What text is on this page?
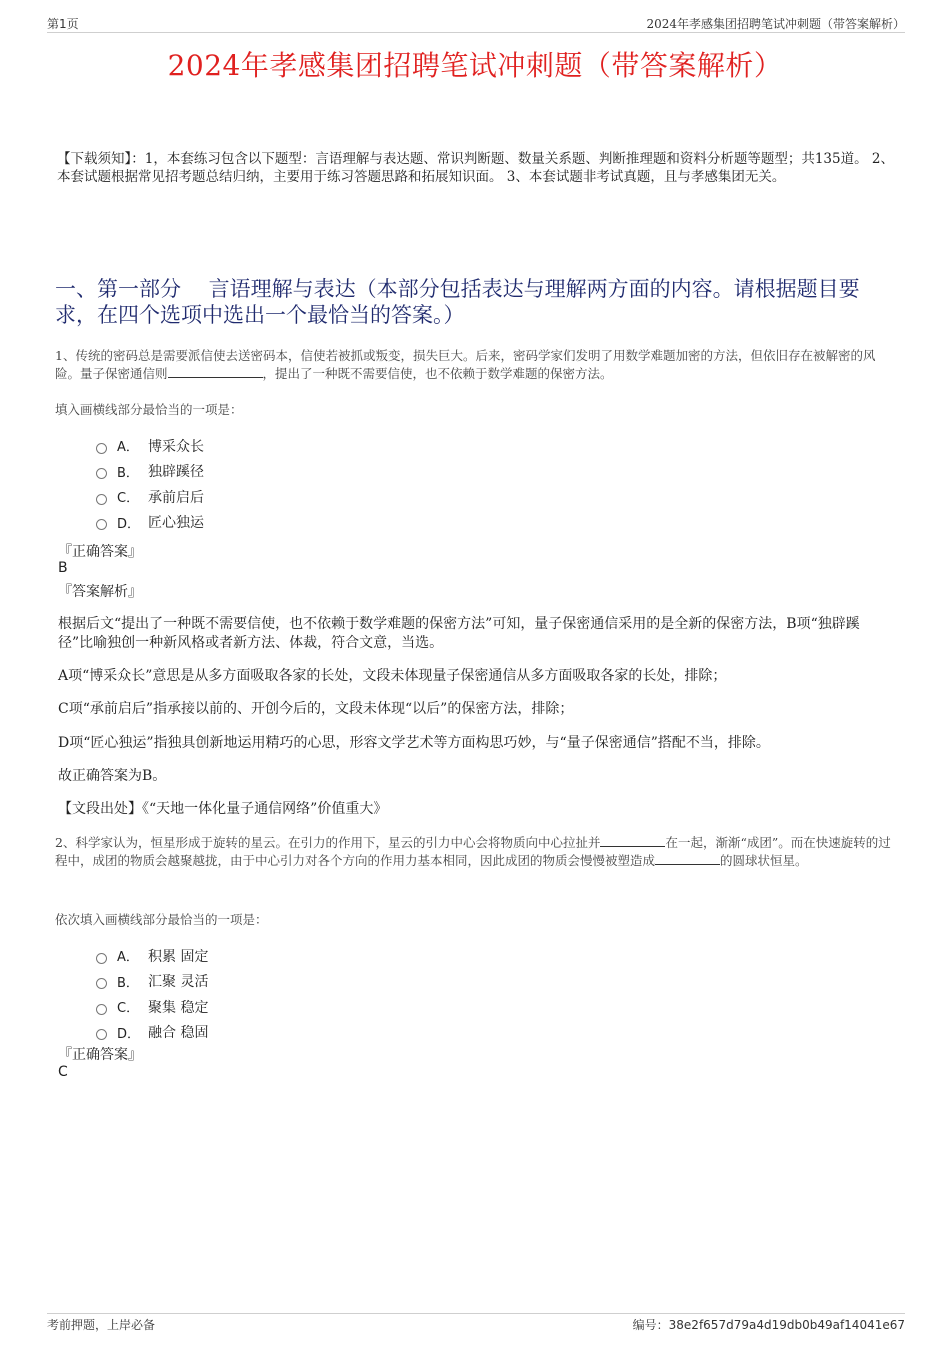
第1页	2024年孝感集团招聘笔试冲刺题（带答案解析）
2024年孝感集团招聘笔试冲刺题（带答案解析）
【下载须知】：1，本套练习包含以下题型：言语理解与表达题、常识判断题、数量关系题、判断推理题和资料分析题等题型；共135道。 2、本套试题根据常见招考题总结归纳，主要用于练习答题思路和拓展知识面。 3、本套试题非考试真题，且与孝感集团无关。
一、第一部分　 言语理解与表达（本部分包括表达与理解两方面的内容。请根据题目要求，在四个选项中选出一个最恰当的答案。）
1、传统的密码总是需要派信使去送密码本，信使若被抓或叛变，损失巨大。后来，密码学家们发明了用数学难题加密的方法，但依旧存在被解密的风险。量子保密通信则	，提出了一种既不需要信使，也不依赖于数学难题的保密方法。
填入画横线部分最恰当的一项是：
A． 博采众长
B． 独辟蹊径
C． 承前启后
D． 匠心独运
『正确答案』
B
『答案解析』
根据后文“提出了一种既不需要信使，也不依赖于数学难题的保密方法”可知，量子保密通信采用的是全新的保密方法，B项“独辟蹊径”比喻独创一种新风格或者新方法、体裁，符合文意，当选。
A项“博采众长”意思是从多方面吸取各家的长处，文段未体现量子保密通信从多方面吸取各家的长处，排除；
C项“承前启后”指承接以前的、开创今后的，文段未体现“以后”的保密方法，排除；
D项“匠心独运”指独具创新地运用精巧的心思，形容文学艺术等方面构思巧妙，与“量子保密通信”搭配不当，排除。
故正确答案为B。
【文段出处】《“天地一体化量子通信网络”价值重大》
2、科学家认为，恒星形成于旋转的星云。在引力的作用下，星云的引力中心会将物质向中心拉扯并	在一起，渐渐“成团”。而在快速旋转的过程中，成团的物质会越聚越拢，由于中心引力对各个方向的作用力基本相同，因此成团的物质会慢慢被塑造成	的圆球状恒星。
依次填入画横线部分最恰当的一项是：
A． 积累 固定
B． 汇聚 灵活
C． 聚集 稳定
D． 融合 稳固
『正确答案』
C
考前押题，上岸必备	编号：38e2f657d79a4d19db0b49af14041e67
